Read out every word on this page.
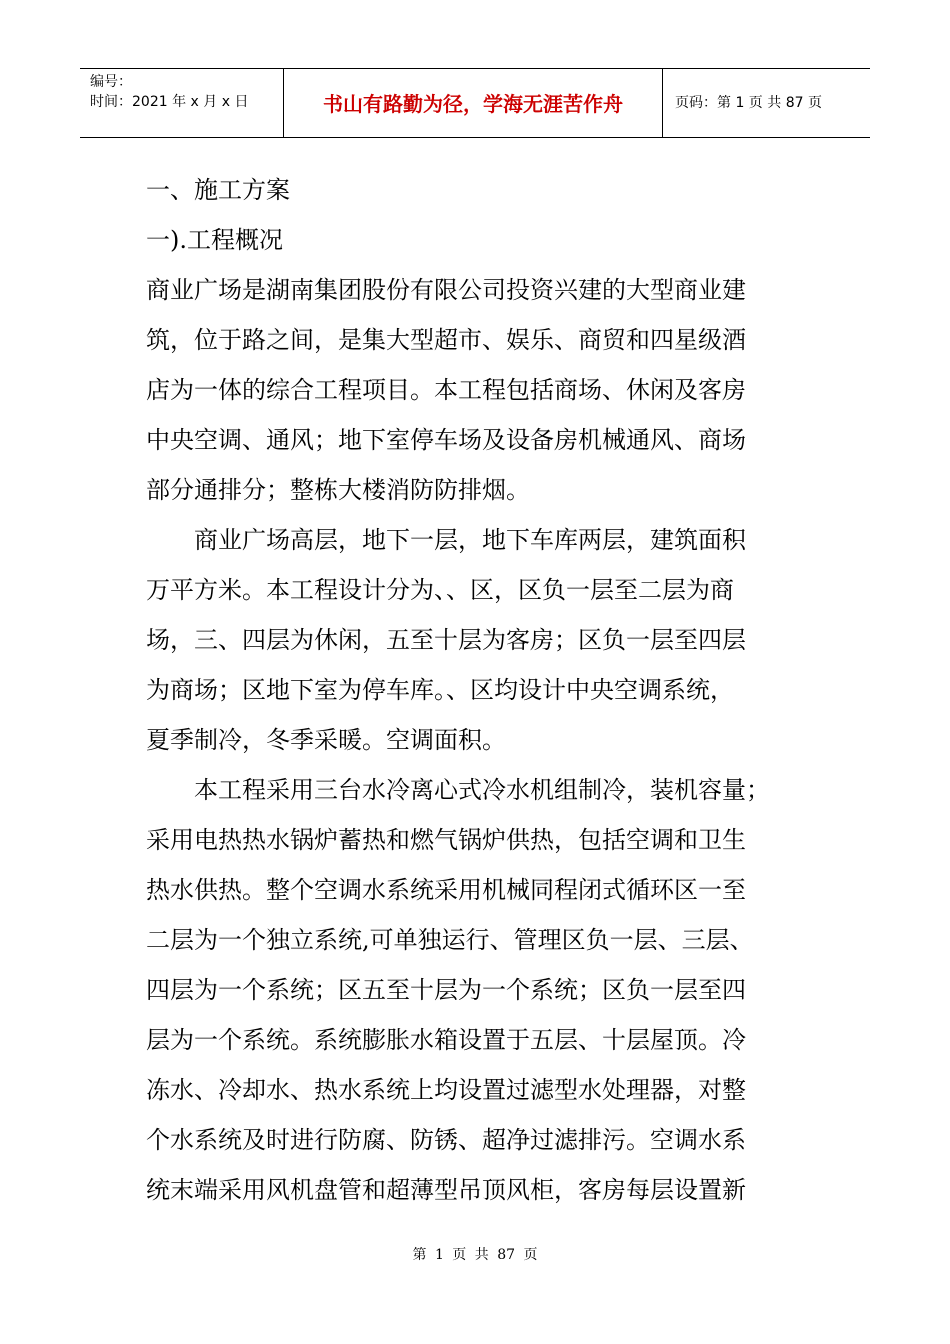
编号：
时间：2021 年 x 月 x 日	书山有路勤为径，学海无涯苦作舟	页码：第 1 页 共 87 页
一、施工方案
一).工程概况
商业广场是湖南集团股份有限公司投资兴建的大型商业建
筑，位于路之间，是集大型超市、娱乐、商贸和四星级酒
店为一体的综合工程项目。本工程包括商场、休闲及客房
中央空调、通风；地下室停车场及设备房机械通风、商场
部分通排分；整栋大楼消防防排烟。
　　商业广场高层，地下一层，地下车库两层，建筑面积
万平方米。本工程设计分为、、区，区负一层至二层为商
场，三、四层为休闲，五至十层为客房；区负一层至四层
为商场；区地下室为停车库。、区均设计中央空调系统，
夏季制冷，冬季采暖。空调面积。
　　本工程采用三台水冷离心式冷水机组制冷，装机容量；
采用电热热水锅炉蓄热和燃气锅炉供热，包括空调和卫生
热水供热。整个空调水系统采用机械同程闭式循环区一至
二层为一个独立系统,可单独运行、管理区负一层、三层、
四层为一个系统；区五至十层为一个系统；区负一层至四
层为一个系统。系统膨胀水箱设置于五层、十层屋顶。冷
冻水、冷却水、热水系统上均设置过滤型水处理器，对整
个水系统及时进行防腐、防锈、超净过滤排污。空调水系
统末端采用风机盘管和超薄型吊顶风柜，客房每层设置新
第 1 页 共 87 页
